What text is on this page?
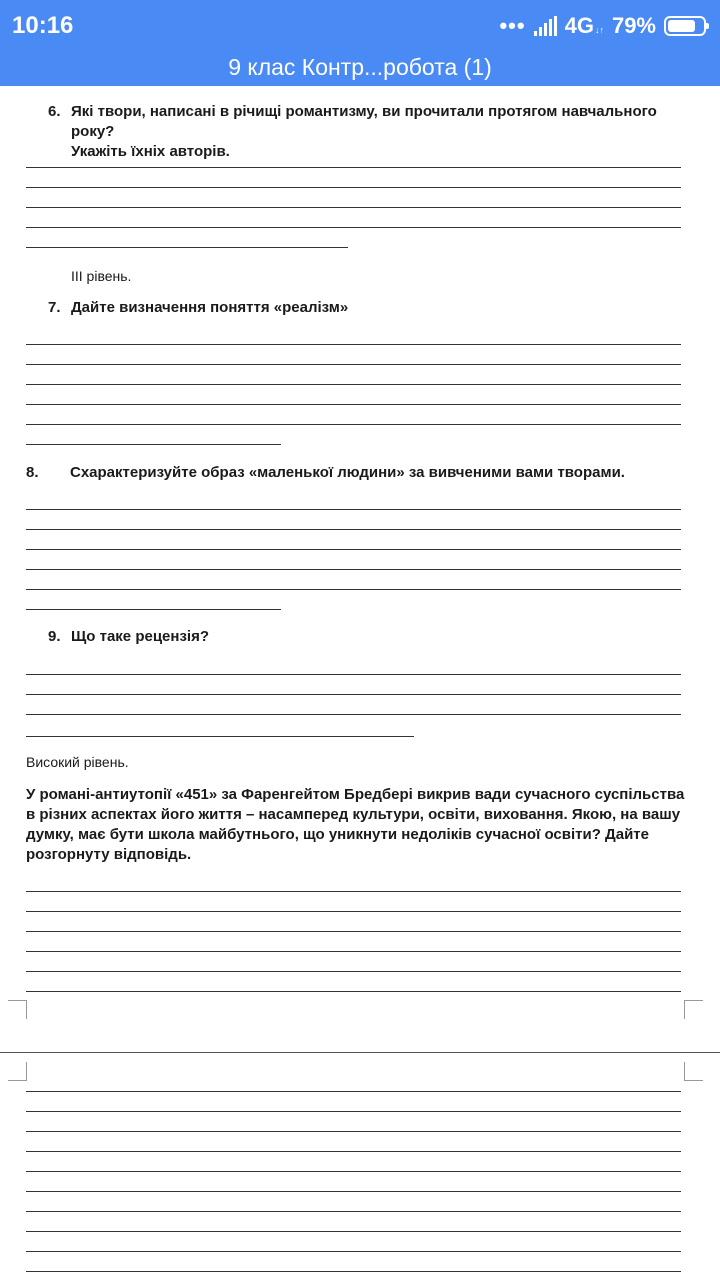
10:16	••• 4G ↓↑ 79%
9 клас Контр...робота (1)
6. Які твори, написані в річищі романтизму, ви прочитали протягом навчального року?
Укажіть їхніх авторів.
ІІІ рівень.
7. Дайте визначення поняття «реалізм»
8.	Схарактеризуйте образ «маленької людини» за вивченими вами творами.
9. Що таке рецензія?
Високий рівень.
У романі-антиутопії «451» за Фаренгейтом Бредбері викрив вади сучасного суспільства в різних аспектах його життя – насамперед культури, освіти, виховання. Якою, на вашу думку, має бути школа майбутнього, що уникнути недоліків сучасної освіти? Дайте розгорнуту відповідь.
